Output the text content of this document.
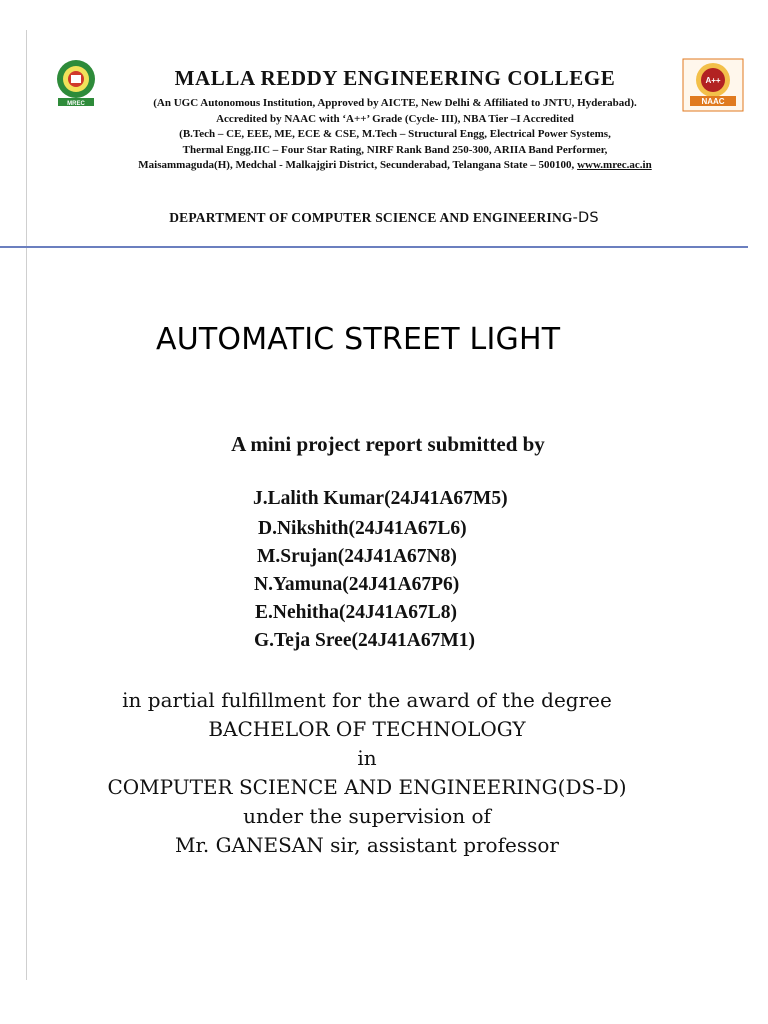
MREC
A++
NAAC

MALLA REDDY ENGINEERING COLLEGE

(An UGC Autonomous Institution, Approved by AICTE, New Delhi & Affiliated to JNTU, Hyderabad).

Accredited by NAAC with ‘A++’ Grade (Cycle- III), NBA Tier –I Accredited

(B.Tech – CE, EEE, ME, ECE & CSE, M.Tech – Structural Engg, Electrical Power Systems,

Thermal Engg.IIC – Four Star Rating, NIRF Rank Band 250-300, ARIIA Band Performer,

Maisammaguda(H), Medchal - Malkajgiri District, Secunderabad, Telangana State – 500100, www.mrec.ac.in

DEPARTMENT OF COMPUTER SCIENCE AND ENGINEERING-DS
AUTOMATIC STREET LIGHT
A mini project report submitted by
J.Lalith Kumar(24J41A67M5)
D.Nikshith(24J41A67L6)
M.Srujan(24J41A67N8)
N.Yamuna(24J41A67P6)
E.Nehitha(24J41A67L8)
G.Teja Sree(24J41A67M1)

in partial fulfillment for the award of the degree

BACHELOR OF TECHNOLOGY

in

COMPUTER SCIENCE AND ENGINEERING(DS-D)

under the supervision of

Mr. GANESAN sir, assistant professor
